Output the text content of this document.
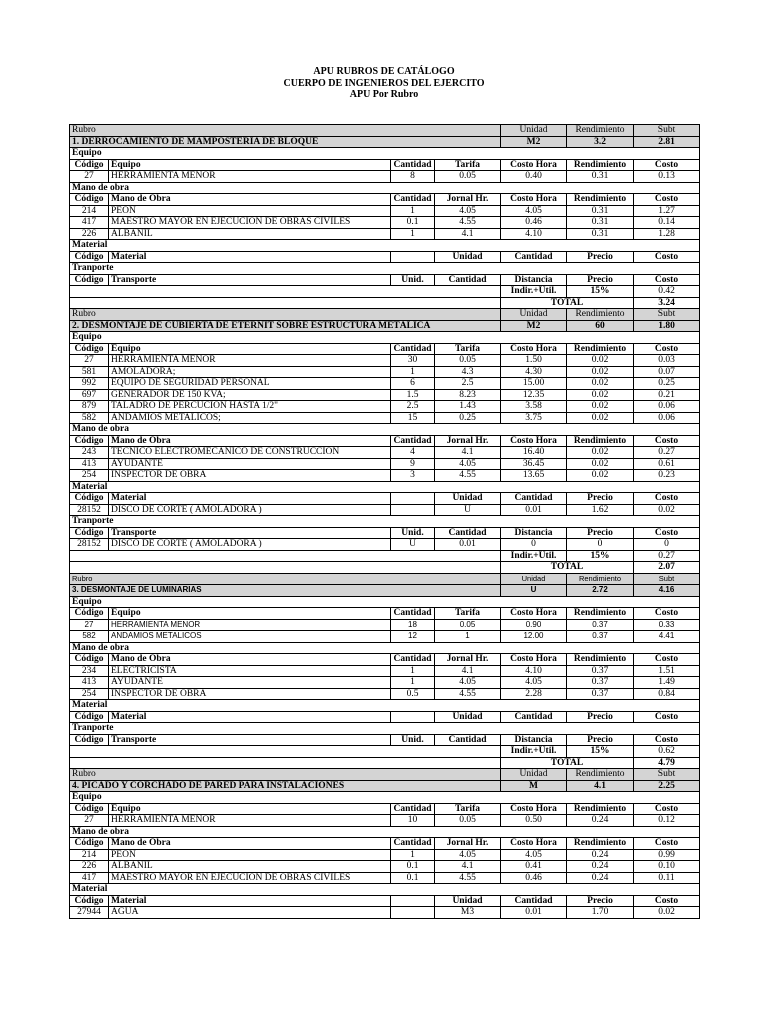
APU RUBROS DE CATÁLOGO
CUERPO DE INGENIEROS DEL EJERCITO
APU Por Rubro
Rubro				Unidad	Rendimiento	Subt
1. DERROCAMIENTO DE MAMPOSTERIA DE BLOQUE				M2	3.2	2.81
Equipo						
Código	Equipo	Cantidad	Tarifa	Costo Hora	Rendimiento	Costo
27	HERRAMIENTA MENOR	8	0.05	0.40	0.31	0.13
Mano de obra						
Código	Mano de Obra	Cantidad	Jornal Hr.	Costo Hora	Rendimiento	Costo
214	PEON	1	4.05	4.05	0.31	1.27
417	MAESTRO MAYOR EN EJECUCION DE OBRAS CIVILES	0.1	4.55	0.46	0.31	0.14
226	ALBAÑIL	1	4.1	4.10	0.31	1.28
Material						
Código	Material		Unidad	Cantidad	Precio	Costo
Tranporte						
Código	Transporte	Unid.	Cantidad	Distancia	Precio	Costo
				Indir.+Util.	15%	0.42
				TOTAL		3.24
Rubro				Unidad	Rendimiento	Subt
2. DESMONTAJE DE CUBIERTA DE ETERNIT SOBRE ESTRUCTURA METÁLICA				M2	60	1.80
Equipo						
Código	Equipo	Cantidad	Tarifa	Costo Hora	Rendimiento	Costo
27	HERRAMIENTA MENOR	30	0.05	1.50	0.02	0.03
581	AMOLADORA;	1	4.3	4.30	0.02	0.07
992	EQUIPO DE SEGURIDAD PERSONAL	6	2.5	15.00	0.02	0.25
697	GENERADOR DE 150 KVA;	1.5	8.23	12.35	0.02	0.21
879	TALADRO DE PERCUCION HASTA 1/2"	2.5	1.43	3.58	0.02	0.06
582	ANDAMIOS METALICOS;	15	0.25	3.75	0.02	0.06
Mano de obra						
Código	Mano de Obra	Cantidad	Jornal Hr.	Costo Hora	Rendimiento	Costo
243	TECNICO ELECTROMECANICO DE CONSTRUCCION	4	4.1	16.40	0.02	0.27
413	AYUDANTE	9	4.05	36.45	0.02	0.61
254	INSPECTOR DE OBRA	3	4.55	13.65	0.02	0.23
Material						
Código	Material		Unidad	Cantidad	Precio	Costo
28152	DISCO DE CORTE ( AMOLADORA )		U	0.01	1.62	0.02
Tranporte						
Código	Transporte	Unid.	Cantidad	Distancia	Precio	Costo
28152	DISCO DE CORTE ( AMOLADORA )	U	0.01	0	0	0
				Indir.+Util.	15%	0.27
				TOTAL		2.07
Rubro				Unidad	Rendimiento	Subt
3. DESMONTAJE DE LUMINARIAS				U	2.72	4.16
Equipo						
Código	Equipo	Cantidad	Tarifa	Costo Hora	Rendimiento	Costo
27	HERRAMIENTA MENOR	18	0.05	0.90	0.37	0.33
582	ANDAMIOS METALICOS	12	1	12.00	0.37	4.41
Mano de obra						
Código	Mano de Obra	Cantidad	Jornal Hr.	Costo Hora	Rendimiento	Costo
234	ELECTRICISTA	1	4.1	4.10	0.37	1.51
413	AYUDANTE	1	4.05	4.05	0.37	1.49
254	INSPECTOR DE OBRA	0.5	4.55	2.28	0.37	0.84
Material						
Código	Material		Unidad	Cantidad	Precio	Costo
Tranporte						
Código	Transporte	Unid.	Cantidad	Distancia	Precio	Costo
				Indir.+Util.	15%	0.62
				TOTAL		4.79
Rubro				Unidad	Rendimiento	Subt
4. PICADO Y CORCHADO DE PARED PARA INSTALACIONES				M	4.1	2.25
Equipo						
Código	Equipo	Cantidad	Tarifa	Costo Hora	Rendimiento	Costo
27	HERRAMIENTA MENOR	10	0.05	0.50	0.24	0.12
Mano de obra						
Código	Mano de Obra	Cantidad	Jornal Hr.	Costo Hora	Rendimiento	Costo
214	PEON	1	4.05	4.05	0.24	0.99
226	ALBAÑIL	0.1	4.1	0.41	0.24	0.10
417	MAESTRO MAYOR EN EJECUCION DE OBRAS CIVILES	0.1	4.55	0.46	0.24	0.11
Material						
Código	Material		Unidad	Cantidad	Precio	Costo
27944	AGUA		M3	0.01	1.70	0.02
